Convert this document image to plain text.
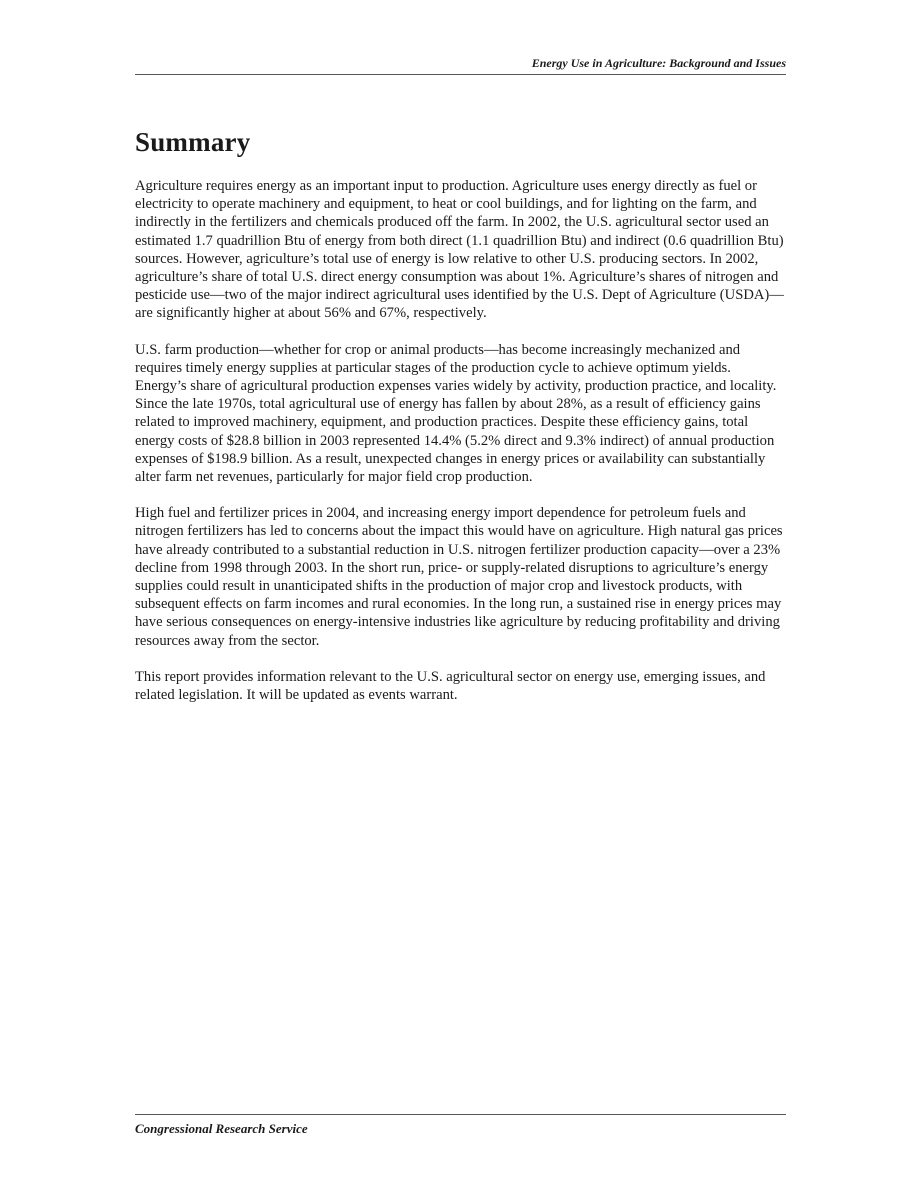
Energy Use in Agriculture: Background and Issues
Summary

Agriculture requires energy as an important input to production. Agriculture uses energy directly as fuel or electricity to operate machinery and equipment, to heat or cool buildings, and for lighting on the farm, and indirectly in the fertilizers and chemicals produced off the farm. In 2002, the U.S. agricultural sector used an estimated 1.7 quadrillion Btu of energy from both direct (1.1 quadrillion Btu) and indirect (0.6 quadrillion Btu) sources. However, agriculture’s total use of energy is low relative to other U.S. producing sectors. In 2002, agriculture’s share of total U.S. direct energy consumption was about 1%. Agriculture’s shares of nitrogen and pesticide use—two of the major indirect agricultural uses identified by the U.S. Dept of Agriculture (USDA)—are significantly higher at about 56% and 67%, respectively.

U.S. farm production—whether for crop or animal products—has become increasingly mechanized and requires timely energy supplies at particular stages of the production cycle to achieve optimum yields. Energy’s share of agricultural production expenses varies widely by activity, production practice, and locality. Since the late 1970s, total agricultural use of energy has fallen by about 28%, as a result of efficiency gains related to improved machinery, equipment, and production practices. Despite these efficiency gains, total energy costs of $28.8 billion in 2003 represented 14.4% (5.2% direct and 9.3% indirect) of annual production expenses of $198.9 billion. As a result, unexpected changes in energy prices or availability can substantially alter farm net revenues, particularly for major field crop production.

High fuel and fertilizer prices in 2004, and increasing energy import dependence for petroleum fuels and nitrogen fertilizers has led to concerns about the impact this would have on agriculture. High natural gas prices have already contributed to a substantial reduction in U.S. nitrogen fertilizer production capacity—over a 23% decline from 1998 through 2003. In the short run, price- or supply-related disruptions to agriculture’s energy supplies could result in unanticipated shifts in the production of major crop and livestock products, with subsequent effects on farm incomes and rural economies. In the long run, a sustained rise in energy prices may have serious consequences on energy-intensive industries like agriculture by reducing profitability and driving resources away from the sector.

This report provides information relevant to the U.S. agricultural sector on energy use, emerging issues, and related legislation. It will be updated as events warrant.

Congressional Research Service
